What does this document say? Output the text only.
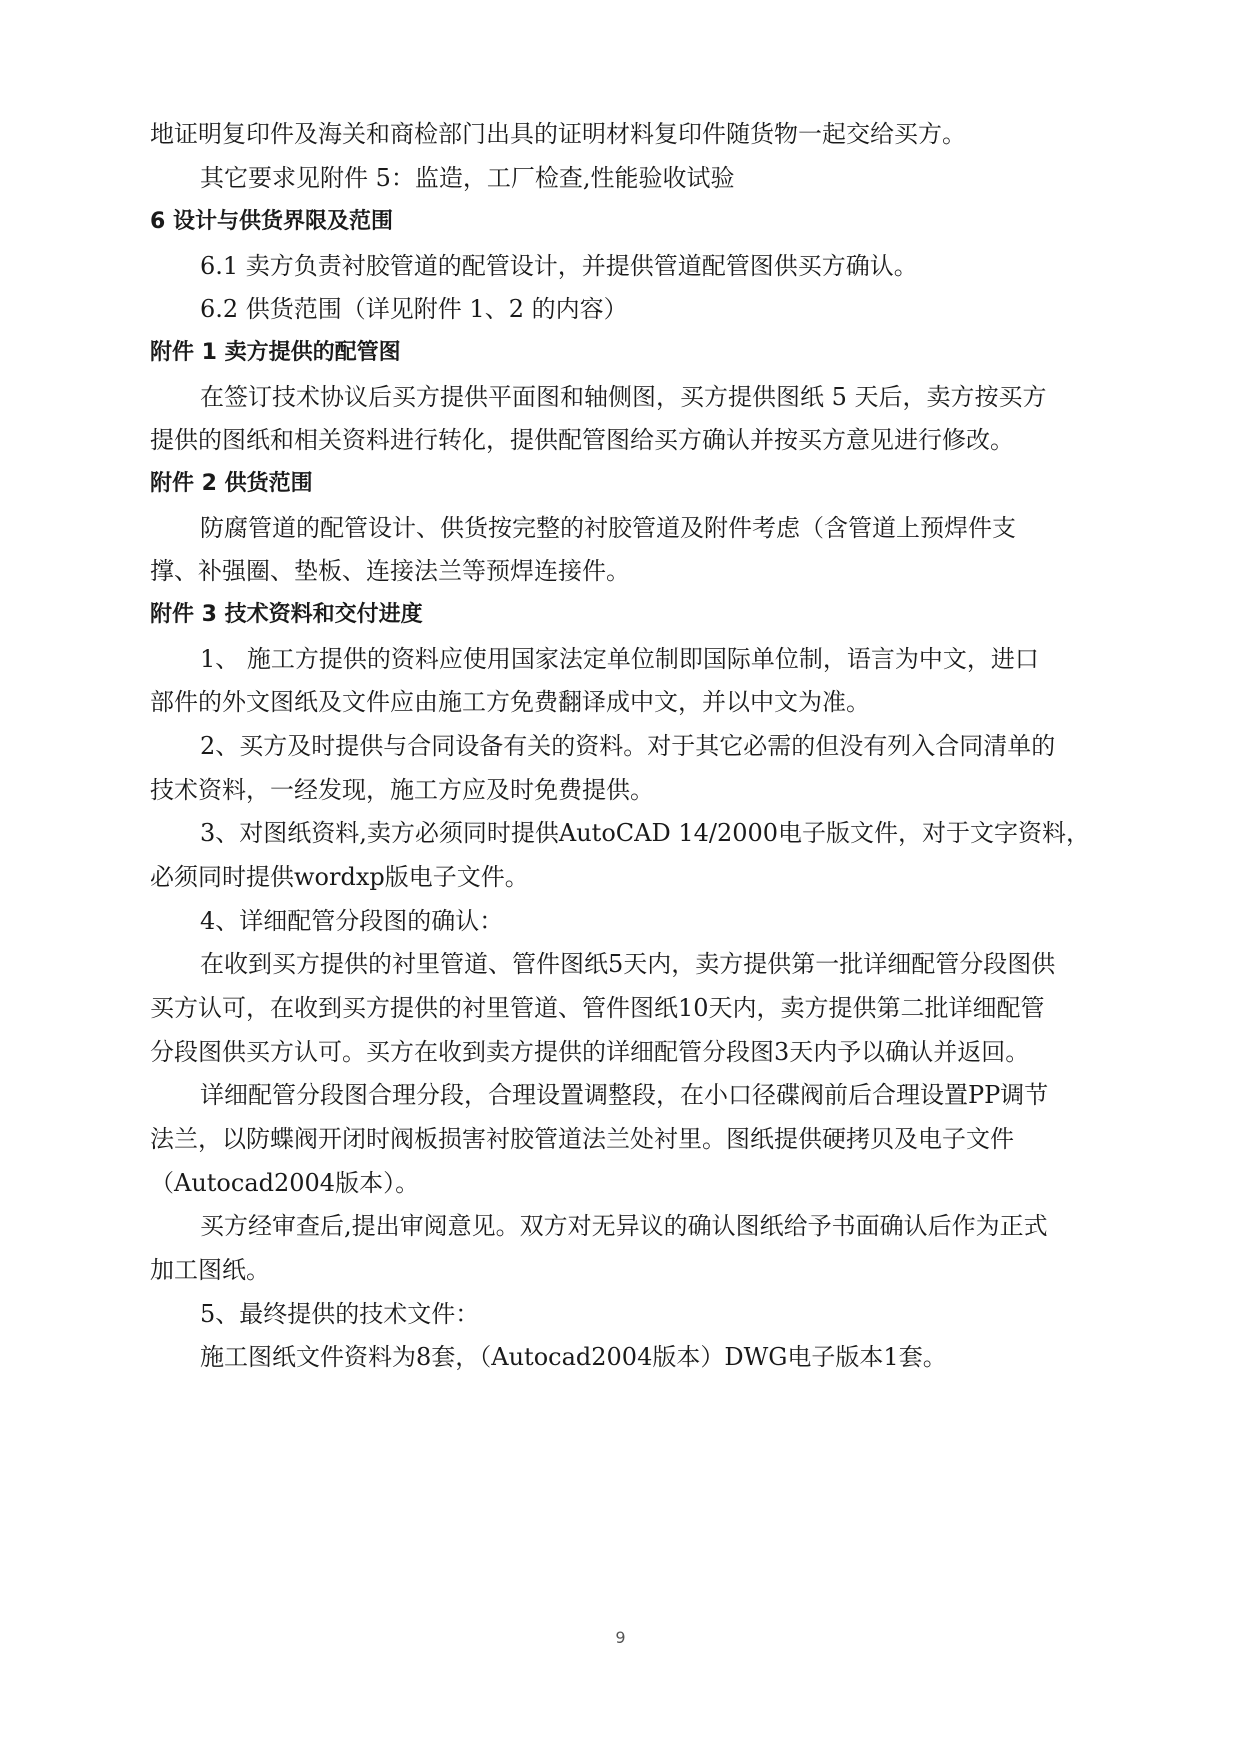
地证明复印件及海关和商检部门出具的证明材料复印件随货物一起交给买方。
其它要求见附件 5：监造，工厂检查,性能验收试验
6 设计与供货界限及范围
6.1 卖方负责衬胶管道的配管设计，并提供管道配管图供买方确认。
6.2 供货范围（详见附件 1、2 的内容）
附件 1 卖方提供的配管图
在签订技术协议后买方提供平面图和轴侧图，买方提供图纸 5 天后，卖方按买方
提供的图纸和相关资料进行转化，提供配管图给买方确认并按买方意见进行修改。
附件 2 供货范围
防腐管道的配管设计、供货按完整的衬胶管道及附件考虑（含管道上预焊件支
撑、补强圈、垫板、连接法兰等预焊连接件。
附件 3 技术资料和交付进度
1、 施工方提供的资料应使用国家法定单位制即国际单位制，语言为中文，进口
部件的外文图纸及文件应由施工方免费翻译成中文，并以中文为准。
2、买方及时提供与合同设备有关的资料。对于其它必需的但没有列入合同清单的
技术资料，一经发现，施工方应及时免费提供。
3、对图纸资料,卖方必须同时提供AutoCAD 14/2000电子版文件，对于文字资料，
必须同时提供wordxp版电子文件。
4、详细配管分段图的确认：
在收到买方提供的衬里管道、管件图纸5天内，卖方提供第一批详细配管分段图供
买方认可，在收到买方提供的衬里管道、管件图纸10天内，卖方提供第二批详细配管
分段图供买方认可。买方在收到卖方提供的详细配管分段图3天内予以确认并返回。
详细配管分段图合理分段，合理设置调整段，在小口径碟阀前后合理设置PP调节
法兰，以防蝶阀开闭时阀板损害衬胶管道法兰处衬里。图纸提供硬拷贝及电子文件
（Autocad2004版本）。
买方经审查后,提出审阅意见。双方对无异议的确认图纸给予书面确认后作为正式
加工图纸。
5、最终提供的技术文件：
施工图纸文件资料为8套，（Autocad2004版本）DWG电子版本1套。
9
